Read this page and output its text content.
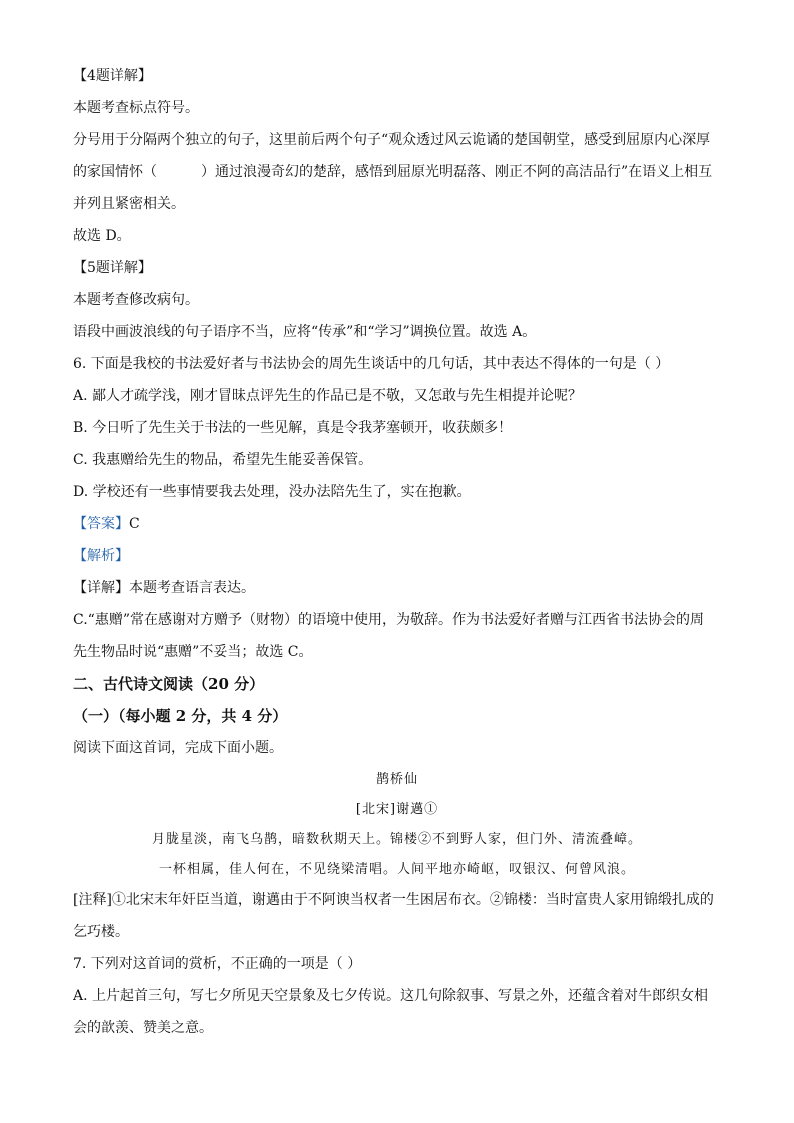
【4题详解】
本题考查标点符号。
分号用于分隔两个独立的句子，这里前后两个句子“观众透过风云诡谲的楚国朝堂，感受到屈原内心深厚
的家国情怀（	）通过浪漫奇幻的楚辞，感悟到屈原光明磊落、刚正不阿的高洁品行”在语义上相互
并列且紧密相关。
故选 D。
【5题详解】
本题考查修改病句。
语段中画波浪线的句子语序不当，应将“传承”和“学习”调换位置。故选 A。
6. 下面是我校的书法爱好者与书法协会的周先生谈话中的几句话，其中表达不得体的一句是（ ）
A. 鄙人才疏学浅，刚才冒昧点评先生的作品已是不敬，又怎敢与先生相提并论呢？
B. 今日听了先生关于书法的一些见解，真是令我茅塞顿开，收获颇多！
C. 我惠赠给先生的物品，希望先生能妥善保管。
D. 学校还有一些事情要我去处理，没办法陪先生了，实在抱歉。
【答案】C
【解析】
【详解】本题考查语言表达。
C.“惠赠”常在感谢对方赠予（财物）的语境中使用，为敬辞。作为书法爱好者赠与江西省书法协会的周
先生物品时说“惠赠”不妥当；故选 C。
二、古代诗文阅读（20 分）
（一）（每小题 2 分，共 4 分）
阅读下面这首词，完成下面小题。
鹊桥仙
[北宋]谢邁①
月胧星淡，南飞乌鹊，暗数秋期天上。锦楼②不到野人家，但门外、清流叠嶂。
一杯相属，佳人何在，不见绕梁清唱。人间平地亦崎岖，叹银汉、何曾风浪。
[注释]①北宋末年奸臣当道，谢邁由于不阿谀当权者一生困居布衣。②锦楼：当时富贵人家用锦缎扎成的
乞巧楼。
7. 下列对这首词的赏析，不正确的一项是（ ）
A. 上片起首三句，写七夕所见天空景象及七夕传说。这几句除叙事、写景之外，还蕴含着对牛郎织女相
会的歆羡、赞美之意。
